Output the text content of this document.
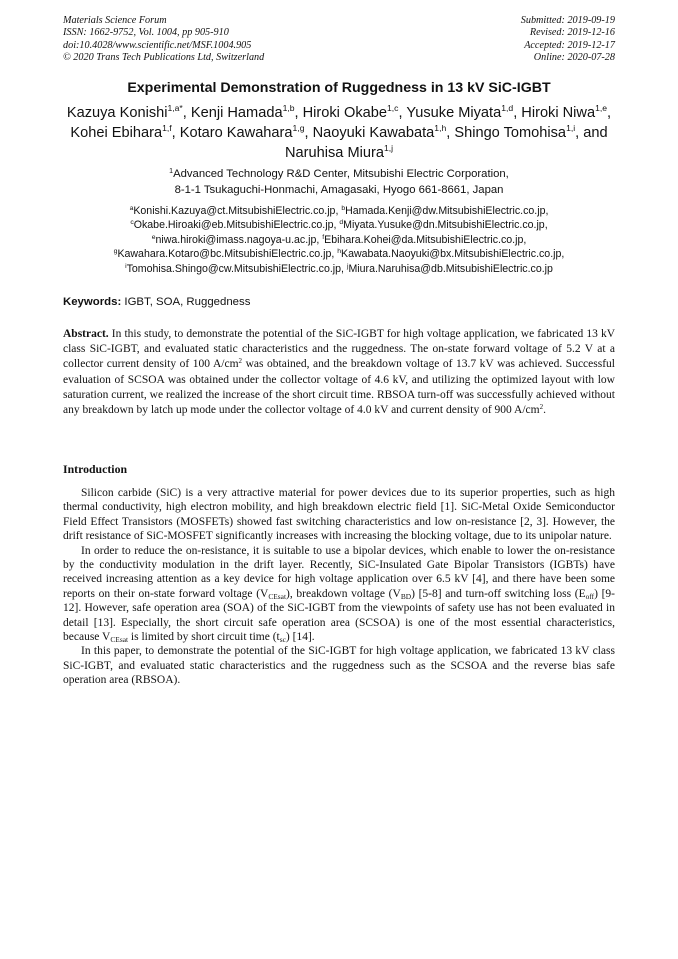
Materials Science Forum
ISSN: 1662-9752, Vol. 1004, pp 905-910
doi:10.4028/www.scientific.net/MSF.1004.905
© 2020 Trans Tech Publications Ltd, Switzerland
Submitted: 2019-09-19
Revised: 2019-12-16
Accepted: 2019-12-17
Online: 2020-07-28
Experimental Demonstration of Ruggedness in 13 kV SiC-IGBT
Kazuya Konishi$^{1,a*}$, Kenji Hamada$^{1,b}$, Hiroki Okabe$^{1,c}$, Yusuke Miyata$^{1,d}$, Hiroki Niwa$^{1,e}$, Kohei Ebihara$^{1,f}$, Kotaro Kawahara$^{1,g}$, Naoyuki Kawabata$^{1,h}$, Shingo Tomohisa$^{1,i}$, and Naruhisa Miura$^{1,j}$
$^1$Advanced Technology R&D Center, Mitsubishi Electric Corporation,
8-1-1 Tsukaguchi-Honmachi, Amagasaki, Hyogo 661-8661, Japan
$^a$Konishi.Kazuya@ct.MitsubishiElectric.co.jp, $^b$Hamada.Kenji@dw.MitsubishiElectric.co.jp,
$^c$Okabe.Hiroaki@eb.MitsubishiElectric.co.jp, $^d$Miyata.Yusuke@dn.MitsubishiElectric.co.jp,
$^e$niwa.hiroki@imass.nagoya-u.ac.jp, $^f$Ebihara.Kohei@da.MitsubishiElectric.co.jp,
$^g$Kawahara.Kotaro@bc.MitsubishiElectric.co.jp, $^h$Kawabata.Naoyuki@bx.MitsubishiElectric.co.jp,
$^i$Tomohisa.Shingo@cw.MitsubishiElectric.co.jp, $^j$Miura.Naruhisa@db.MitsubishiElectric.co.jp
Keywords: IGBT, SOA, Ruggedness
Abstract. In this study, to demonstrate the potential of the SiC-IGBT for high voltage application, we fabricated 13 kV class SiC-IGBT, and evaluated static characteristics and the ruggedness. The on-state forward voltage of 5.2 V at a collector current density of 100 $A/cm^2$ was obtained, and the breakdown voltage of 13.7 kV was achieved. Successful evaluation of SCSOA was obtained under the collector voltage of 4.6 kV, and utilizing the optimized layout with low saturation current, we realized the increase of the short circuit time. RBSOA turn-off was successfully achieved without any breakdown by latch up mode under the collector voltage of 4.0 kV and current density of 900 $A/cm^2$.
Introduction

Silicon carbide (SiC) is a very attractive material for power devices due to its superior properties, such as high thermal conductivity, high electron mobility, and high breakdown electric field [1]. SiC-Metal Oxide Semiconductor Field Effect Transistors (MOSFETs) showed fast switching characteristics and low on-resistance [2, 3]. However, the drift resistance of SiC-MOSFET significantly increases with increasing the blocking voltage, due to its unipolar nature.

In order to reduce the on-resistance, it is suitable to use a bipolar devices, which enable to lower the on-resistance by the conductivity modulation in the drift layer. Recently, SiC-Insulated Gate Bipolar Transistors (IGBTs) have received increasing attention as a key device for high voltage application over 6.5 kV [4], and there have been some reports on their on-state forward voltage $(V_{CEsat})$, breakdown voltage $(V_{BD})$ [5-8] and turn-off switching loss $(E_{off})$ [9-12]. However, safe operation area (SOA) of the SiC-IGBT from the viewpoints of safety use has not been evaluated in detail [13]. Especially, the short circuit safe operation area (SCSOA) is one of the most essential characteristics, because $V_{CEsat}$ is limited by short circuit time $(t_{sc})$ [14].

In this paper, to demonstrate the potential of the SiC-IGBT for high voltage application, we fabricated 13 kV class SiC-IGBT, and evaluated static characteristics and the ruggedness such as the SCSOA and the reverse bias safe operation area (RBSOA).
